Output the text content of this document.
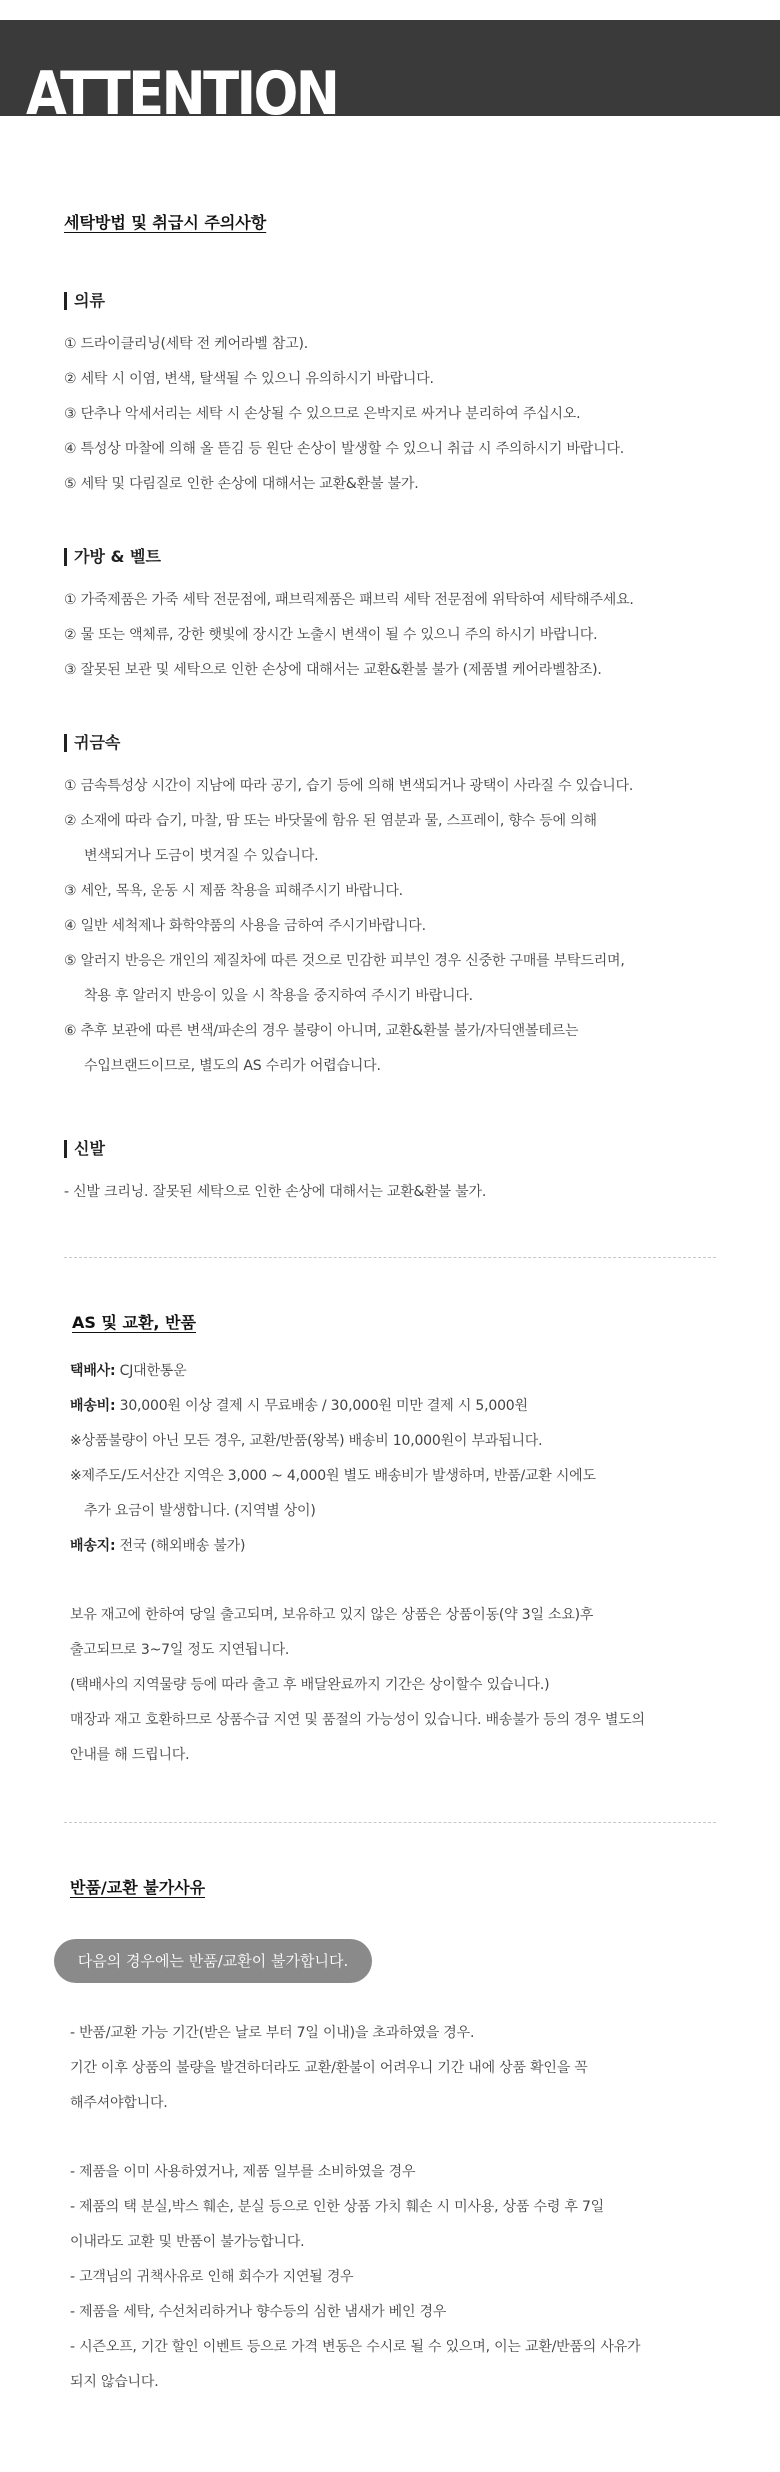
ATTENTION
세탁방법 및 취급시 주의사항
의류
① 드라이클리닝(세탁 전 케어라벨 참고).
② 세탁 시 이염, 변색, 탈색될 수 있으니 유의하시기 바랍니다.
③ 단추나 악세서리는 세탁 시 손상될 수 있으므로 은박지로 싸거나 분리하여 주십시오.
④ 특성상 마찰에 의해 올 뜯김 등 원단 손상이 발생할 수 있으니 취급 시 주의하시기 바랍니다.
⑤ 세탁 및 다림질로 인한 손상에 대해서는 교환&환불 불가.
가방 & 벨트
① 가죽제품은 가죽 세탁 전문점에, 패브릭제품은 패브릭 세탁 전문점에 위탁하여 세탁해주세요.
② 물 또는 액체류, 강한 햇빛에 장시간 노출시 변색이 될 수 있으니 주의 하시기 바랍니다.
③ 잘못된 보관 및 세탁으로 인한 손상에 대해서는 교환&환불 불가 (제품별 케어라벨참조).
귀금속
① 금속특성상 시간이 지남에 따라 공기, 습기 등에 의해 변색되거나 광택이 사라질 수 있습니다.
② 소재에 따라 습기, 마찰, 땀 또는 바닷물에 함유 된 염분과 물, 스프레이, 향수 등에 의해
변색되거나 도금이 벗겨질 수 있습니다.
③ 세안, 목욕, 운동 시 제품 착용을 피해주시기 바랍니다.
④ 일반 세척제나 화학약품의 사용을 금하여 주시기바랍니다.
⑤ 알러지 반응은 개인의 제질차에 따른 것으로 민감한 피부인 경우 신중한 구매를 부탁드리며,
착용 후 알러지 반응이 있을 시 착용을 중지하여 주시기 바랍니다.
⑥ 추후 보관에 따른 변색/파손의 경우 불량이 아니며, 교환&환불 불가/자딕앤볼테르는
수입브랜드이므로, 별도의 AS 수리가 어렵습니다.
신발
- 신발 크리닝. 잘못된 세탁으로 인한 손상에 대해서는 교환&환불 불가.
AS 및 교환, 반품
택배사: CJ대한통운
배송비: 30,000원 이상 결제 시 무료배송 / 30,000원 미만 결제 시 5,000원
※상품불량이 아닌 모든 경우, 교환/반품(왕복) 배송비 10,000원이 부과됩니다.
※제주도/도서산간 지역은 3,000 ~ 4,000원 별도 배송비가 발생하며, 반품/교환 시에도
추가 요금이 발생합니다. (지역별 상이)
배송지: 전국 (해외배송 불가)
보유 재고에 한하여 당일 출고되며, 보유하고 있지 않은 상품은 상품이동(약 3일 소요)후
출고되므로 3~7일 정도 지연됩니다.
(택배사의 지역물량 등에 따라 출고 후 배달완료까지 기간은 상이할수 있습니다.)
매장과 재고 호환하므로 상품수급 지연 및 품절의 가능성이 있습니다. 배송불가 등의 경우 별도의
안내를 해 드립니다.
반품/교환 불가사유
다음의 경우에는 반품/교환이 불가합니다.
- 반품/교환 가능 기간(받은 날로 부터 7일 이내)을 초과하였을 경우.
기간 이후 상품의 불량을 발견하더라도 교환/환불이 어려우니 기간 내에 상품 확인을 꼭
해주셔야합니다.
- 제품을 이미 사용하였거나, 제품 일부를 소비하였을 경우
- 제품의 택 분실,박스 훼손, 분실 등으로 인한 상품 가치 훼손 시 미사용, 상품 수령 후 7일
이내라도 교환 및 반품이 불가능합니다.
- 고객님의 귀책사유로 인해 회수가 지연될 경우
- 제품을 세탁, 수선처리하거나 향수등의 심한 냄새가 베인 경우
- 시즌오프, 기간 할인 이벤트 등으로 가격 변동은 수시로 될 수 있으며, 이는 교환/반품의 사유가
되지 않습니다.
